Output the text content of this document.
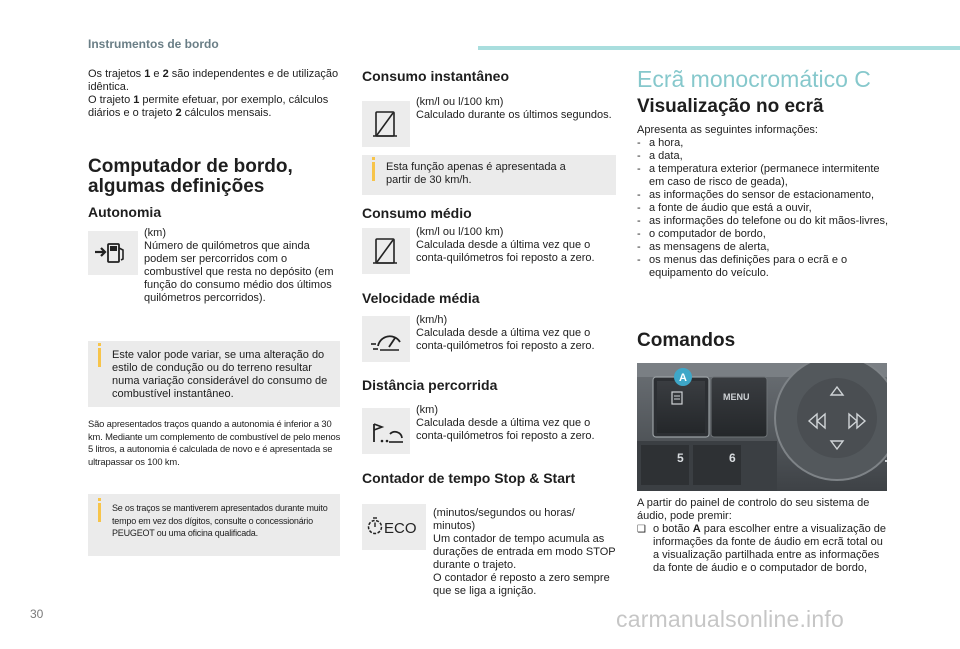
Instrumentos de bordo

Os trajetos 1 e 2 são independentes e de utilização idêntica.
O trajeto 1 permite efetuar, por exemplo, cálculos diários e o trajeto 2 cálculos mensais.

Computador de bordo,
algumas definições
Autonomia
(km)
Número de quilómetros que ainda podem ser percorridos com o combustível que resta no depósito (em função do consumo médio dos últimos quilómetros percorridos).
Este valor pode variar, se uma alteração do estilo de condução ou do terreno resultar numa variação considerável do consumo de combustível instantâneo.
São apresentados traços quando a autonomia é inferior a 30 km. Mediante um complemento de combustível de pelo menos 5 litros, a autonomia é calculada de novo e é apresentada se ultrapassar os 100 km.
Se os traços se mantiverem apresentados durante muito tempo em vez dos dígitos, consulte o concessionário PEUGEOT ou uma oficina qualificada.
Consumo instantâneo
(km/l ou l/100 km)
Calculado durante os últimos segundos.
Esta função apenas é apresentada a partir de 30 km/h.
Consumo médio
(km/l ou l/100 km)
Calculada desde a última vez que o conta-quilómetros foi reposto a zero.
Velocidade média
(km/h)
Calculada desde a última vez que o conta-quilómetros foi reposto a zero.
Distância percorrida
(km)
Calculada desde a última vez que o conta-quilómetros foi reposto a zero.
Contador de tempo Stop & Start
ECO
(minutos/segundos ou horas/ minutos)
Um contador de tempo acumula as durações de entrada em modo STOP durante o trajeto.
O contador é reposto a zero sempre que se liga a ignição.
Ecrã monocromático C
Visualização no ecrã
Apresenta as seguintes informações:
- a hora,
- a data,
- a temperatura exterior (permanece intermitente em caso de risco de geada),
- as informações do sensor de estacionamento,
- a fonte de áudio que está a ouvir,
- as informações do telefone ou do kit mãos-livres,
- o computador de bordo,
- as mensagens de alerta,
- os menus das definições para o ecrã e o equipamento do veículo.
Comandos
MENU
A
5	6
A partir do painel de controlo do seu sistema de áudio, pode premir:
❑ o botão A para escolher entre a visualização de informações da fonte de áudio em ecrã total ou a visualização partilhada entre as informações da fonte de áudio e o computador de bordo,
30	carmanualsonline.info
